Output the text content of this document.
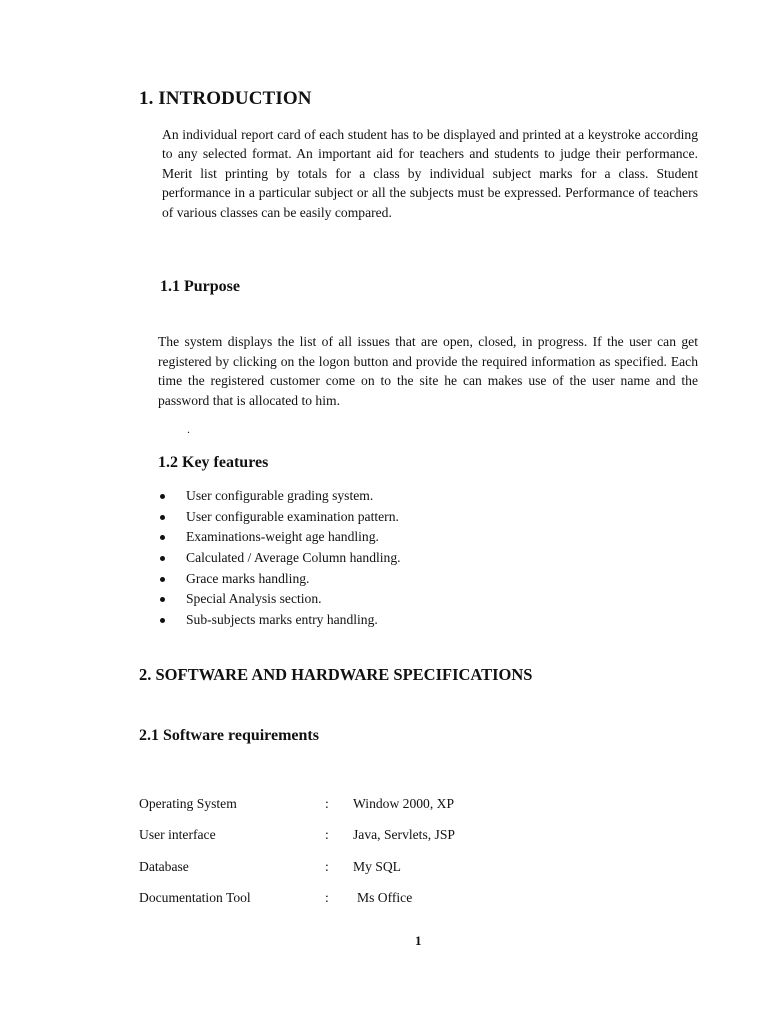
1. INTRODUCTION
An individual report card of each student has to be displayed and printed at a keystroke according to any selected format. An important aid for teachers and students to judge their performance. Merit list printing by totals for a class by individual subject marks for a class. Student performance in a particular subject or all the subjects must be expressed. Performance of teachers of various classes can be easily compared.
1.1 Purpose
The system displays the list of all issues that are open, closed, in progress. If the user can get registered by clicking on the logon button and provide the required information as specified. Each time the registered customer come on to the site he can makes use of the user name and the password that is allocated to him.
.
1.2 Key features
User configurable grading system.
User configurable examination pattern.
Examinations-weight age handling.
Calculated / Average Column handling.
Grace marks handling.
Special Analysis section.
Sub-subjects marks entry handling.
2. SOFTWARE AND HARDWARE SPECIFICATIONS
2.1 Software requirements
Operating System	: Window 2000, XP
User interface	: Java, Servlets, JSP
Database	: My SQL
Documentation Tool	: Ms Office
1
